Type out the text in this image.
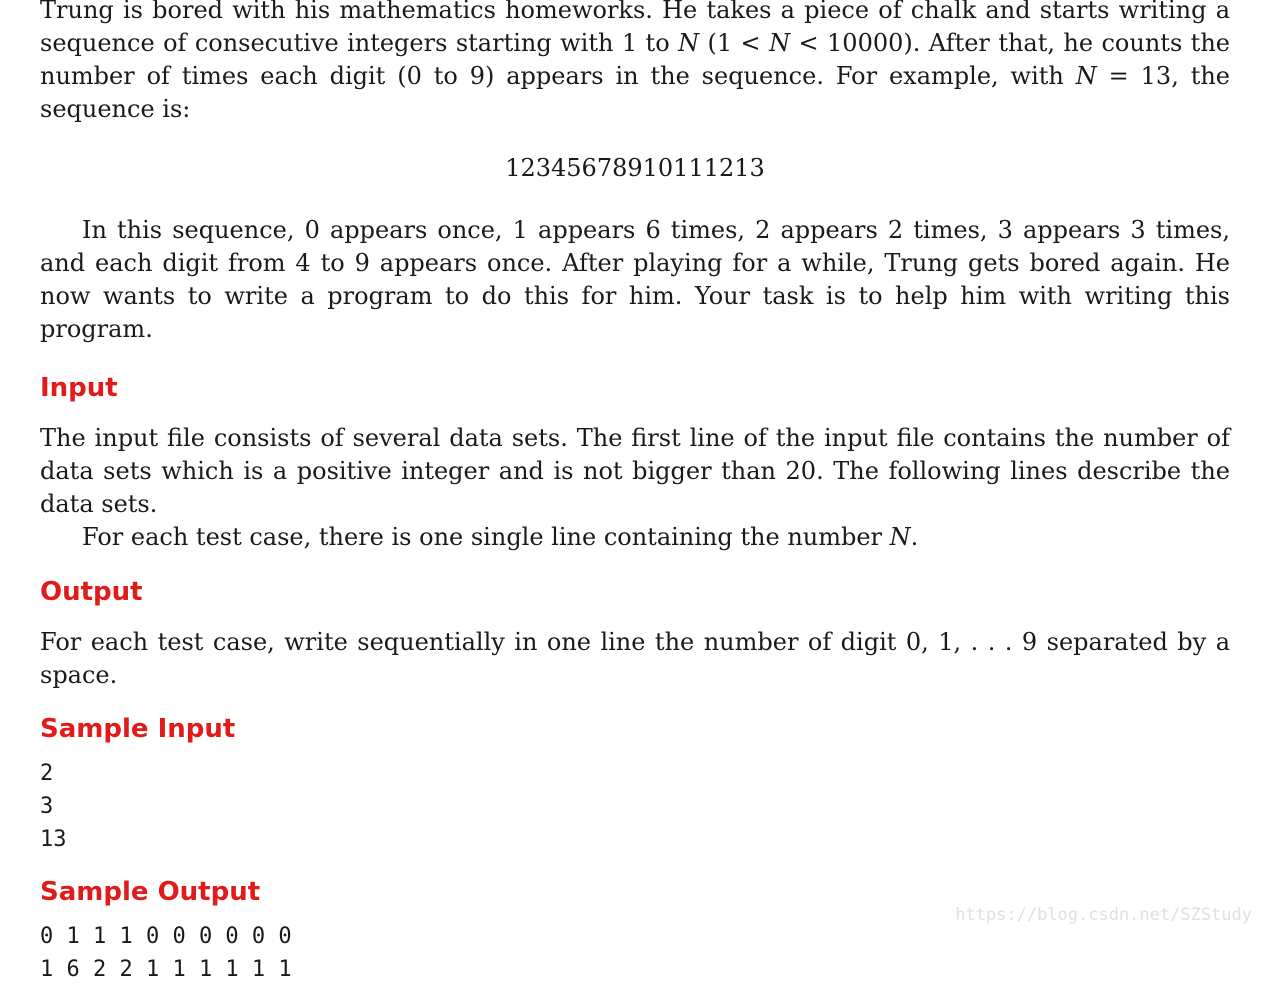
Trung is bored with his mathematics homeworks. He takes a piece of chalk and starts writing a sequence of consecutive integers starting with 1 to N (1 < N < 10000). After that, he counts the number of times each digit (0 to 9) appears in the sequence. For example, with N = 13, the sequence is:

12345678910111213

In this sequence, 0 appears once, 1 appears 6 times, 2 appears 2 times, 3 appears 3 times, and each digit from 4 to 9 appears once. After playing for a while, Trung gets bored again. He now wants to write a program to do this for him. Your task is to help him with writing this program.

Input

The input file consists of several data sets. The first line of the input file contains the number of data sets which is a positive integer and is not bigger than 20. The following lines describe the data sets.

For each test case, there is one single line containing the number N.

Output

For each test case, write sequentially in one line the number of digit 0, 1, . . . 9 separated by a space.

Sample Input
2
3
13
Sample Output
0 1 1 1 0 0 0 0 0 0
1 6 2 2 1 1 1 1 1 1
https://blog.csdn.net/SZStudy
